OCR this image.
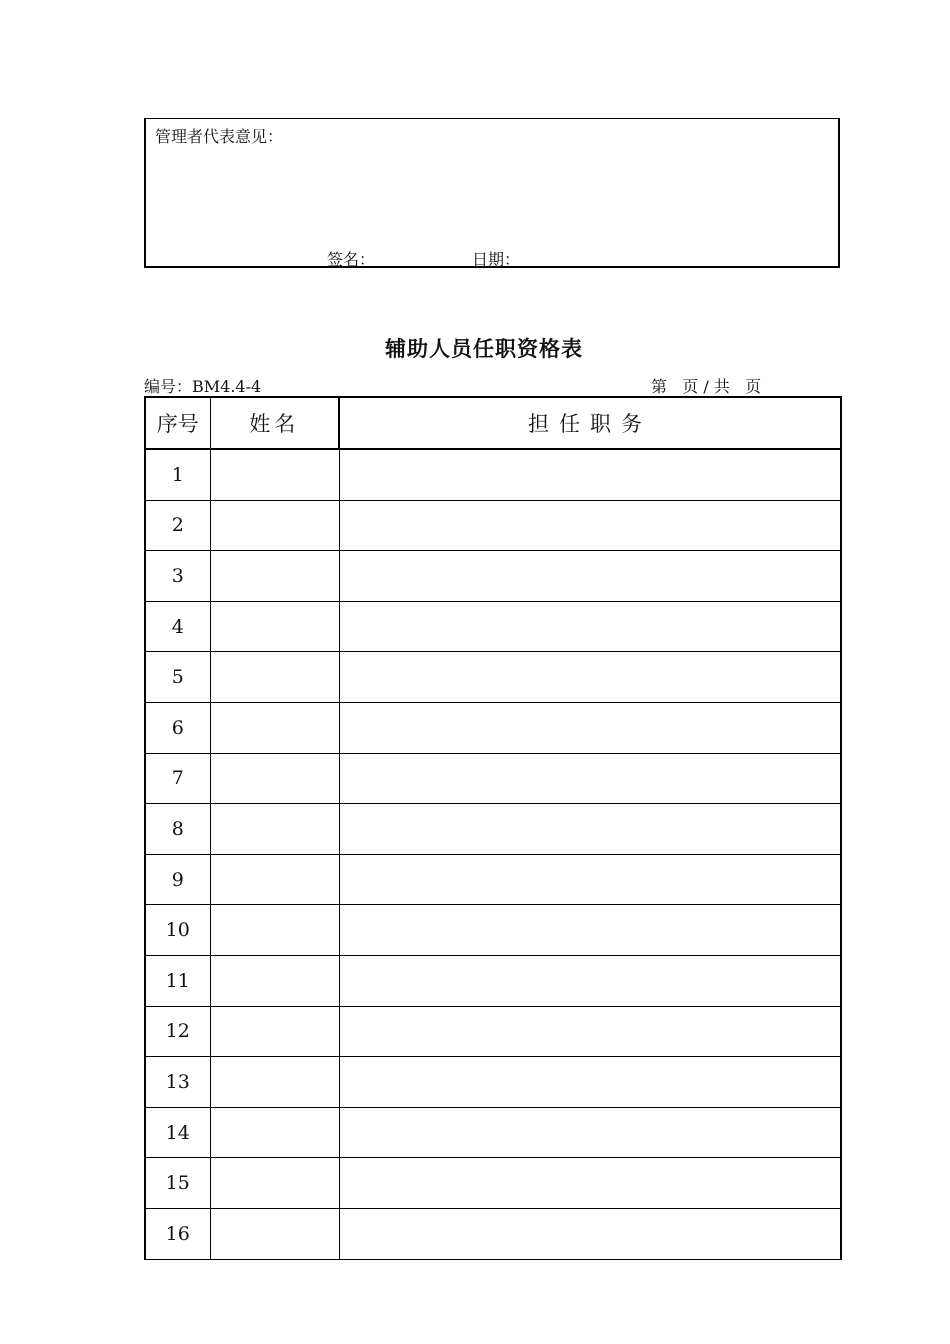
管理者代表意见：
签名：	日期：
辅助人员任职资格表
编号：BM4.4-4	第   页 / 共   页
序号	姓名	担任职务
1		
2		
3		
4		
5		
6		
7		
8		
9		
10		
11		
12		
13		
14		
15		
16		
